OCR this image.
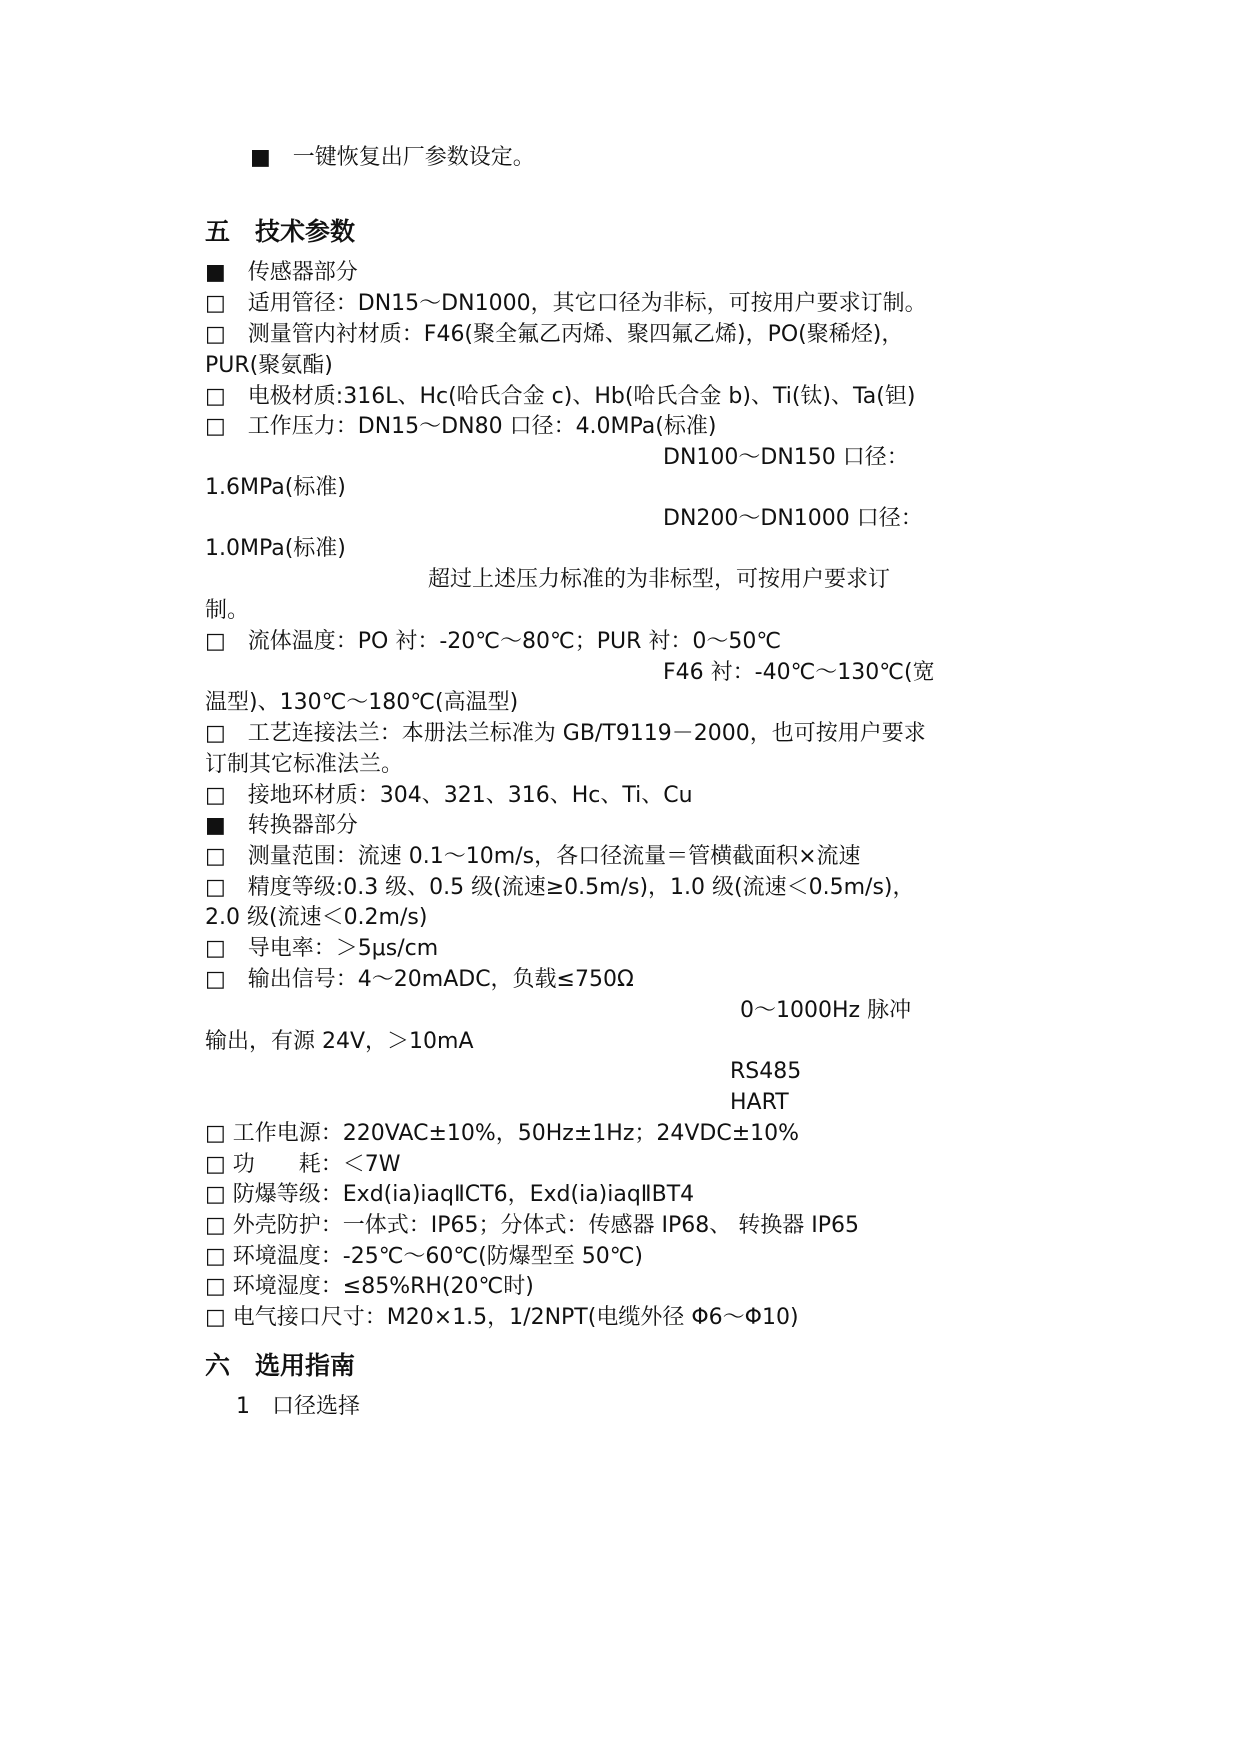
■　一键恢复出厂参数设定。
五　技术参数
■　传感器部分
□　适用管径：DN15～DN1000，其它口径为非标，可按用户要求订制。
□　测量管内衬材质：F46(聚全氟乙丙烯、聚四氟乙烯)，PO(聚稀烃)，
PUR(聚氨酯)
□　电极材质:316L、Hc(哈氏合金 c)、Hb(哈氏合金 b)、Ti(钛)、Ta(钽)
□　工作压力：DN15～DN80 口径：4.0MPa(标准)
DN100～DN150 口径：
1.6MPa(标准)
DN200～DN1000 口径：
1.0MPa(标准)
超过上述压力标准的为非标型，可按用户要求订
制。
□　流体温度：PO 衬：-20℃～80℃；PUR 衬：0～50℃
F46 衬：-40℃～130℃(宽
温型)、130℃～180℃(高温型)
□　工艺连接法兰：本册法兰标准为 GB/T9119－2000，也可按用户要求
订制其它标准法兰。
□　接地环材质：304、321、316、Hc、Ti、Cu
■　转换器部分
□　测量范围：流速 0.1～10m/s，各口径流量＝管横截面积×流速
□　精度等级:0.3 级、0.5 级(流速≥0.5m/s)，1.0 级(流速＜0.5m/s)，
2.0 级(流速＜0.2m/s)
□　导电率：＞5μs/cm
□　输出信号：4～20mADC，负载≤750Ω
0～1000Hz 脉冲
输出，有源 24V，＞10mA
RS485
HART
□ 工作电源：220VAC±10%，50Hz±1Hz；24VDC±10%
□ 功　　耗：＜7W
□ 防爆等级：Exd(ia)iaqⅡCT6，Exd(ia)iaqⅡBT4
□ 外壳防护：一体式：IP65；分体式：传感器 IP68、 转换器 IP65
□ 环境温度：-25℃～60℃(防爆型至 50℃)
□ 环境湿度：≤85%RH(20℃时)
□ 电气接口尺寸：M20×1.5，1/2NPT(电缆外径 Φ6～Φ10)
六　选用指南
1　口径选择
